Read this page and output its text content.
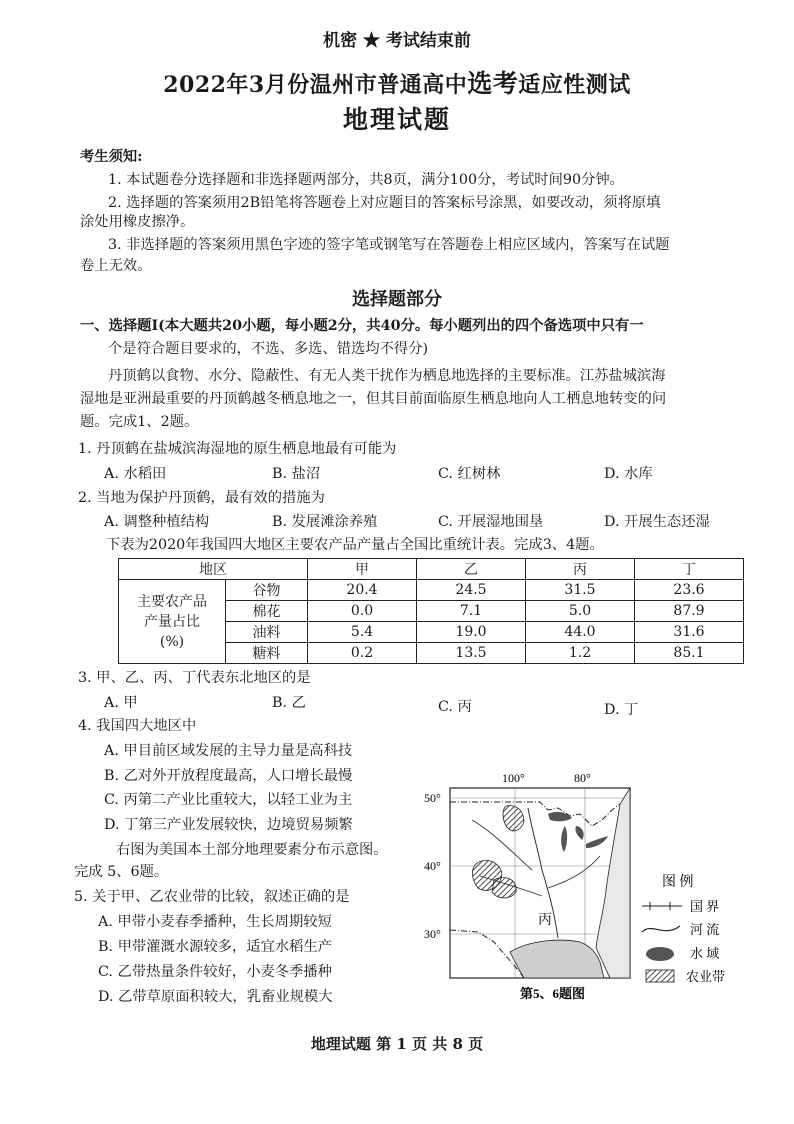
机密 ★ 考试结束前
2022年3月份温州市普通高中选考适应性测试
地理试题
考生须知:
1. 本试题卷分选择题和非选择题两部分，共8页，满分100分，考试时间90分钟。
2. 选择题的答案须用2B铅笔将答题卷上对应题目的答案标号涂黑，如要改动，须将原填
涂处用橡皮擦净。
3. 非选择题的答案须用黑色字迹的签字笔或钢笔写在答题卷上相应区域内，答案写在试题
卷上无效。
选择题部分
一、选择题Ⅰ(本大题共20小题，每小题2分，共40分。每小题列出的四个备选项中只有一
个是符合题目要求的，不选、多选、错选均不得分)
丹顶鹤以食物、水分、隐蔽性、有无人类干扰作为栖息地选择的主要标准。江苏盐城滨海
湿地是亚洲最重要的丹顶鹤越冬栖息地之一，但其目前面临原生栖息地向人工栖息地转变的问
题。完成1、2题。
1. 丹顶鹤在盐城滨海湿地的原生栖息地最有可能为
A. 水稻田	B. 盐沼	C. 红树林	D. 水库
2. 当地为保护丹顶鹤，最有效的措施为
A. 调整种植结构	B. 发展滩涂养殖	C. 开展湿地围垦	D. 开展生态还湿
下表为2020年我国四大地区主要农产品产量占全国比重统计表。完成3、4题。
地区		甲	乙	丙	丁

主要农产品
产量占比
(%)	谷物	20.4	24.5	31.5	23.6
	棉花	0.0	7.1	5.0	87.9
	油料	5.4	19.0	44.0	31.6
	糖料	0.2	13.5	1.2	85.1
3. 甲、乙、丙、丁代表东北地区的是
A. 甲	B. 乙	C. 丙	D. 丁
4. 我国四大地区中
A. 甲目前区域发展的主导力量是高科技
B. 乙对外开放程度最高，人口增长最慢
C. 丙第二产业比重较大，以轻工业为主
D. 丁第三产业发展较快，边境贸易频繁
右图为美国本土部分地理要素分布示意图。
完成 5、6题。
5. 关于甲、乙农业带的比较，叙述正确的是
A. 甲带小麦春季播种，生长周期较短
B. 甲带灌溉水源较多，适宜水稻生产
C. 乙带热量条件较好，小麦冬季播种
D. 乙带草原面积较大，乳畜业规模大
100°	80°
50°
40°
30°
丙
图 例
国 界
河 流
水 域
农业带
第5、6题图
地理试题 第 1 页 共 8 页
